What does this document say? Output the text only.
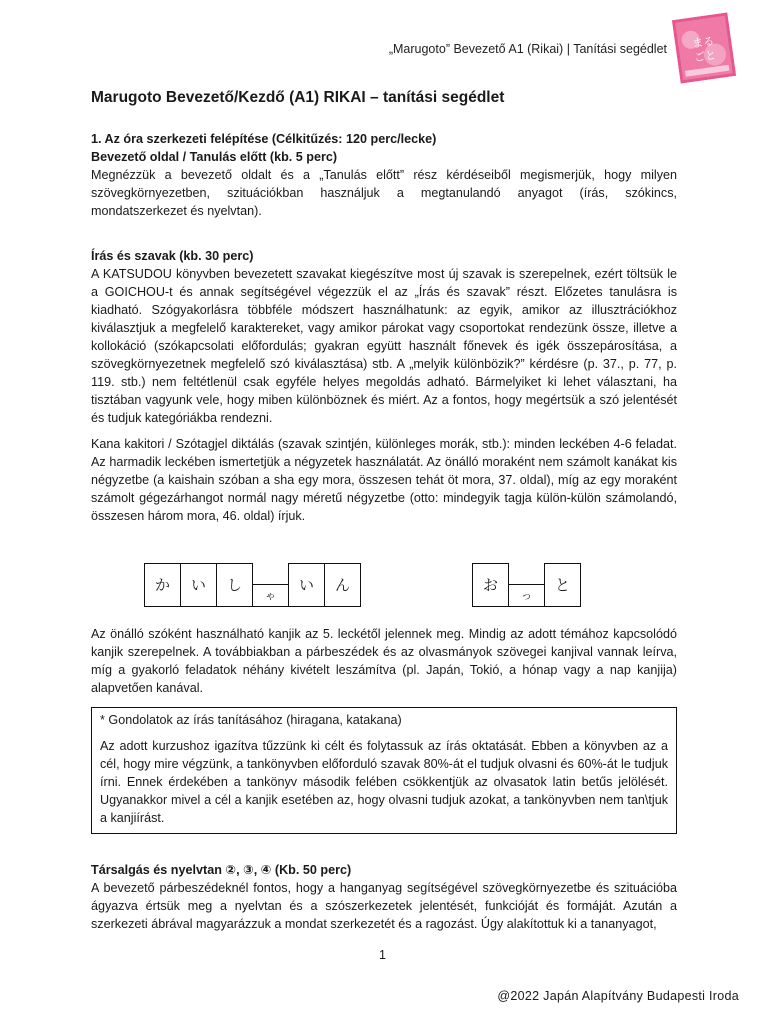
„Marugoto” Bevezető A1 (Rikai) | Tanítási segédlet まる
ごと
Marugoto Bevezető/Kezdő (A1) RIKAI – tanítási segédlet
1. Az óra szerkezeti felépítése (Célkitűzés: 120 perc/lecke)
Bevezető oldal / Tanulás előtt (kb. 5 perc)

Megnézzük a bevezető oldalt és a „Tanulás előtt” rész kérdéseiből megismerjük, hogy milyen szövegkörnyezetben, szituációkban használjuk a megtanulandó anyagot (írás, szókincs, mondatszerkezet és nyelvtan).

Írás és szavak (kb. 30 perc)

A KATSUDOU könyvben bevezetett szavakat kiegészítve most új szavak is szerepelnek, ezért töltsük le a GOICHOU-t és annak segítségével végezzük el az „Írás és szavak” részt. Előzetes tanulásra is kiadható. Szógyakorlásra többféle módszert használhatunk: az egyik, amikor az illusztrációkhoz kiválasztjuk a megfelelő karaktereket, vagy amikor párokat vagy csoportokat rendezünk össze, illetve a kollokáció (szókapcsolati előfordulás; gyakran együtt használt főnevek és igék összepárosítása, a szövegkörnyezetnek megfelelő szó kiválasztása) stb. A „melyik különbözik?” kérdésre (p. 37., p. 77, p. 119. stb.) nem feltétlenül csak egyféle helyes megoldás adható. Bármelyiket ki lehet választani, ha tisztában vagyunk vele, hogy miben különböznek és miért. Az a fontos, hogy megértsük a szó jelentését és tudjuk kategóriákba rendezni.

Kana kakitori / Szótagjel diktálás (szavak szintjén, különleges morák, stb.): minden leckében 4-6 feladat. Az harmadik leckében ismertetjük a négyzetek használatát. Az önálló moraként nem számolt kanákat kis négyzetbe (a kaishain szóban a sha egy mora, összesen tehát öt mora, 37. oldal), míg az egy moraként számolt gégezárhangot normál nagy méretű négyzetbe (otto: mindegyik tagja külön-külön számolandó, összesen három mora, 46. oldal) írjuk.

か	い	し
ゃ
い	ん	お
っ
と

Az önálló szóként használható kanjik az 5. leckétől jelennek meg. Mindig az adott témához kapcsolódó kanjik szerepelnek. A továbbiakban a párbeszédek és az olvasmányok szövegei kanjival vannak leírva, míg a gyakorló feladatok néhány kivételt leszámítva (pl. Japán, Tokió, a hónap vagy a nap kanjija) alapvetően kanával.

* Gondolatok az írás tanításához (hiragana, katakana)

Az adott kurzushoz igazítva tűzzünk ki célt és folytassuk az írás oktatását. Ebben a könyvben az a cél, hogy mire végzünk, a tankönyvben előforduló szavak 80%-át el tudjuk olvasni és 60%-át le tudjuk írni. Ennek érdekében a tankönyv második felében csökkentjük az olvasatok latin betűs jelölését. Ugyanakkor mivel a cél a kanjik esetében az, hogy olvasni tudjuk azokat, a tankönyvben nem tan\tjuk a kanjiírást.

Társalgás és nyelvtan ②, ③, ④ (Kb. 50 perc)

A bevezető párbeszédeknél fontos, hogy a hanganyag segítségével szövegkörnyezetbe és szituációba ágyazva értsük meg a nyelvtan és a szószerkezetek jelentését, funkcióját és formáját. Azután a szerkezeti ábrával magyarázzuk a mondat szerkezetét és a ragozást. Úgy alakítottuk ki a tananyagot,

1
@2022 Japán Alapítvány Budapesti Iroda
